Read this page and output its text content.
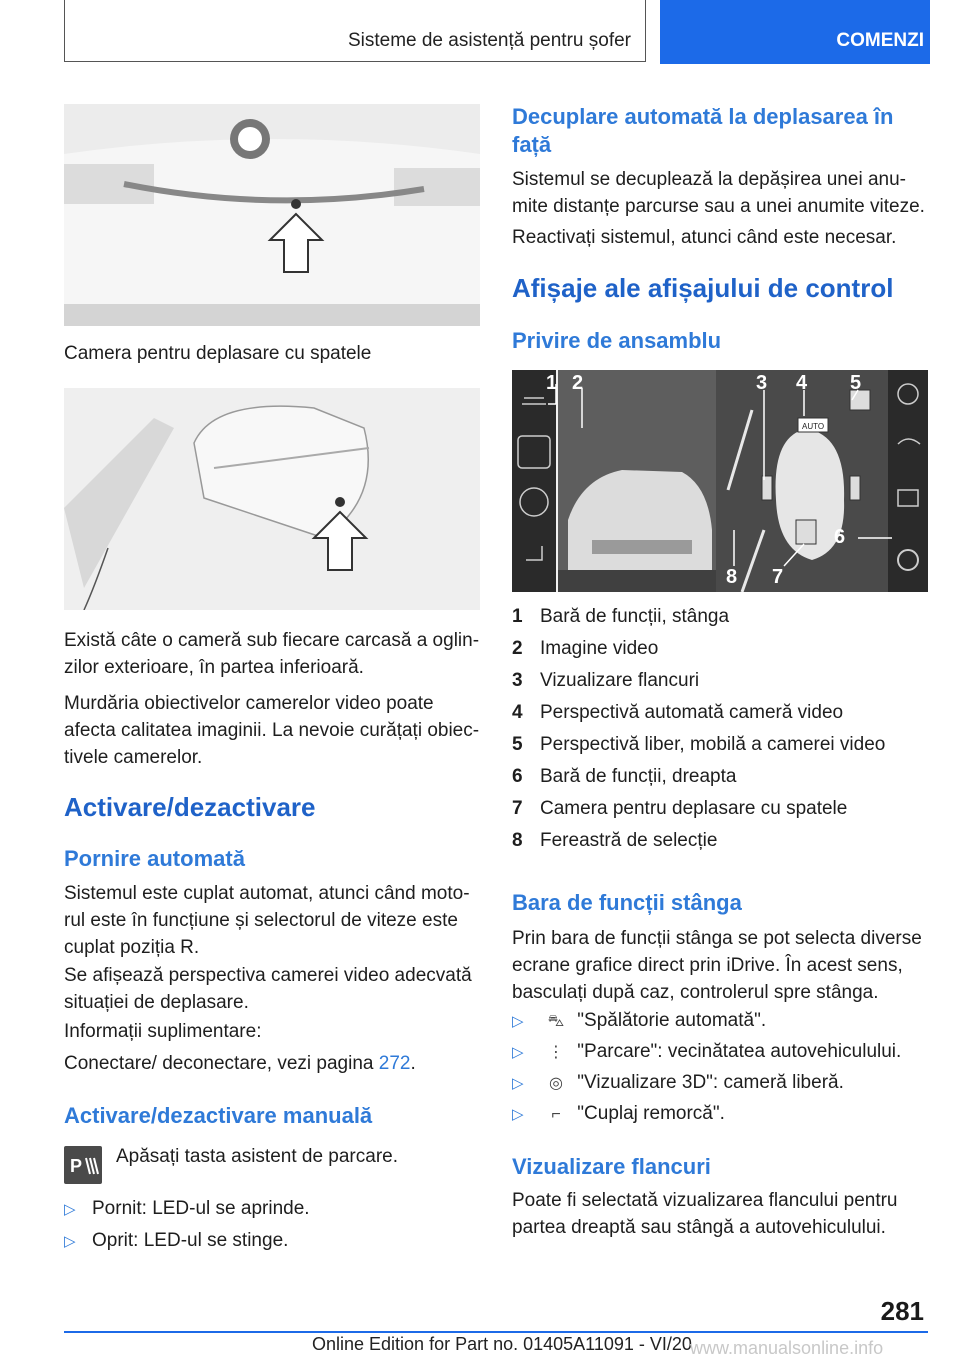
Sisteme de asistență pentru șofer	COMENZI
Camera pentru deplasare cu spatele
Există câte o cameră sub fiecare carcasă a oglin-
zilor exterioare, în partea inferioară.
Murdăria obiectivelor camerelor video poate
afecta calitatea imaginii. La nevoie curățați obiec-
tivele camerelor.
Activare/dezactivare
Pornire automată
Sistemul este cuplat automat, atunci când moto-
rul este în funcțiune și selectorul de viteze este
cuplat poziția R.
Se afișează perspectiva camerei video adecvată
situației de deplasare.
Informații suplimentare:
Conectare/ deconectare, vezi pagina 272.
Activare/dezactivare manuală
P Apăsați tasta asistent de parcare.
▷ Pornit: LED-ul se aprinde.
▷ Oprit: LED-ul se stinge.
Decuplare automată la deplasarea în
față
Sistemul se decuplează la depășirea unei anu-
mite distanțe parcurse sau a unei anumite viteze.
Reactivați sistemul, atunci când este necesar.
Afișaje ale afișajului de control
Privire de ansamblu
AUTO
1 2	3 4 5
6
7
8
1 Bară de funcții, stânga
2 Imagine video
3 Vizualizare flancuri
4 Perspectivă automată cameră video
5 Perspectivă liber, mobilă a camerei video
6 Bară de funcții, dreapta
7 Camera pentru deplasare cu spatele
8 Fereastră de selecție
Bara de funcții stânga
Prin bara de funcții stânga se pot selecta diverse
ecrane grafice direct prin iDrive. În acest sens,
basculați după caz, controlerul spre stânga.
▷ ⛍ "Spălătorie automată".
▷ ⋮ "Parcare": vecinătatea autovehiculului.
▷ ◎ "Vizualizare 3D": cameră liberă.
▷ ⌐ "Cuplaj remorcă".
Vizualizare flancuri
Poate fi selectată vizualizarea flancului pentru
partea dreaptă sau stângă a autovehiculului.
281
Online Edition for Part no. 01405A11091 - VI/20
www.manualsonline.info
